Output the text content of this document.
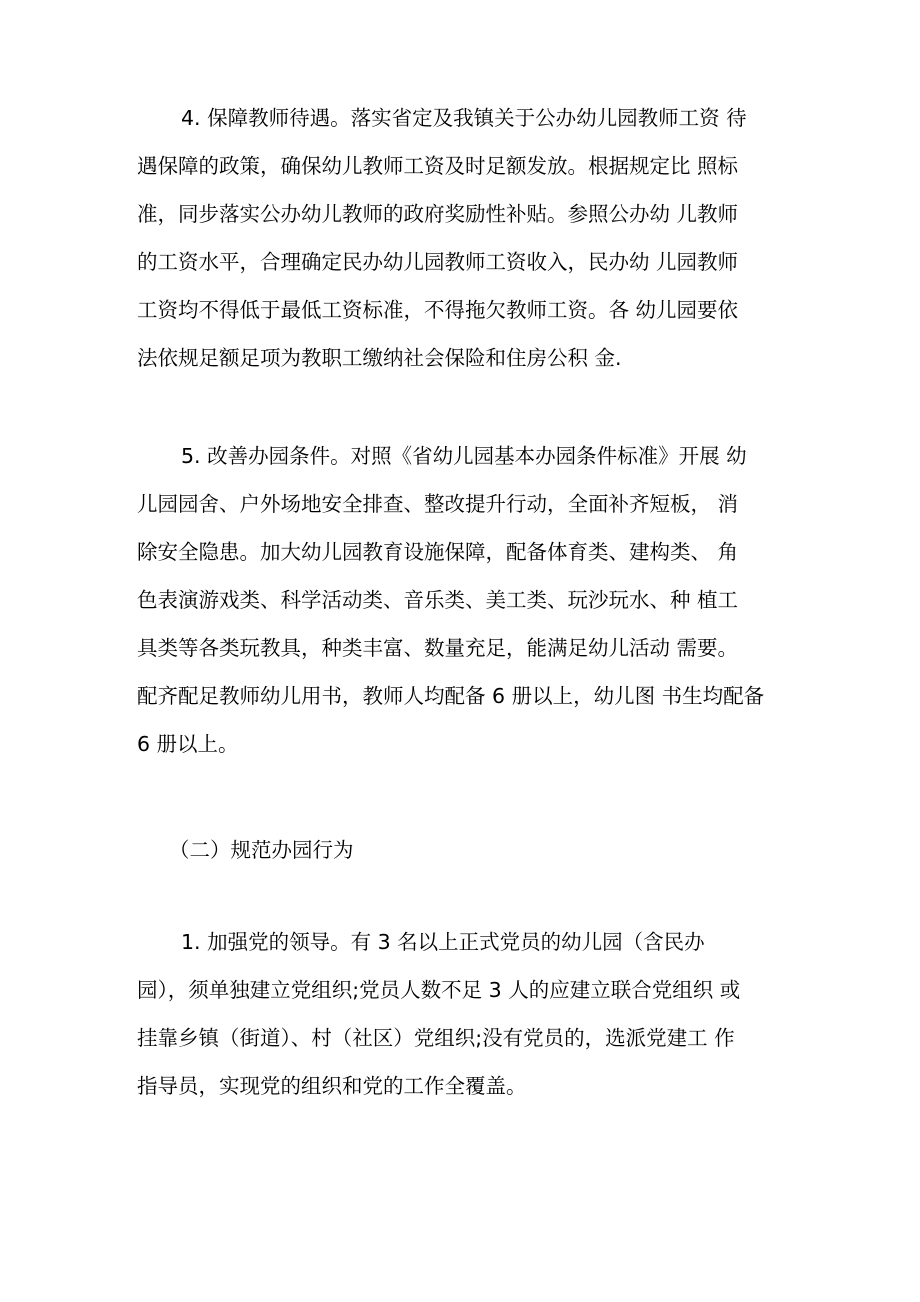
4. 保障教师待遇。落实省定及我镇关于公办幼儿园教师工资 待
遇保障的政策，确保幼儿教师工资及时足额发放。根据规定比 照标
准，同步落实公办幼儿教师的政府奖励性补贴。参照公办幼 儿教师
的工资水平，合理确定民办幼儿园教师工资收入，民办幼 儿园教师
工资均不得低于最低工资标准，不得拖欠教师工资。各 幼儿园要依
法依规足额足项为教职工缴纳社会保险和住房公积 金.
5. 改善办园条件。对照《省幼儿园基本办园条件标准》开展 幼
儿园园舍、户外场地安全排查、整改提升行动，全面补齐短板， 消
除安全隐患。加大幼儿园教育设施保障，配备体育类、建构类、 角
色表演游戏类、科学活动类、音乐类、美工类、玩沙玩水、种 植工
具类等各类玩教具，种类丰富、数量充足，能满足幼儿活动 需要。
配齐配足教师幼儿用书，教师人均配备 6 册以上，幼儿图 书生均配备
6 册以上。
（二）规范办园行为
1. 加强党的领导。有 3 名以上正式党员的幼儿园（含民办
园），须单独建立党组织;党员人数不足 3 人的应建立联合党组织 或
挂靠乡镇（街道）、村（社区）党组织;没有党员的，选派党建工 作
指导员，实现党的组织和党的工作全覆盖。
